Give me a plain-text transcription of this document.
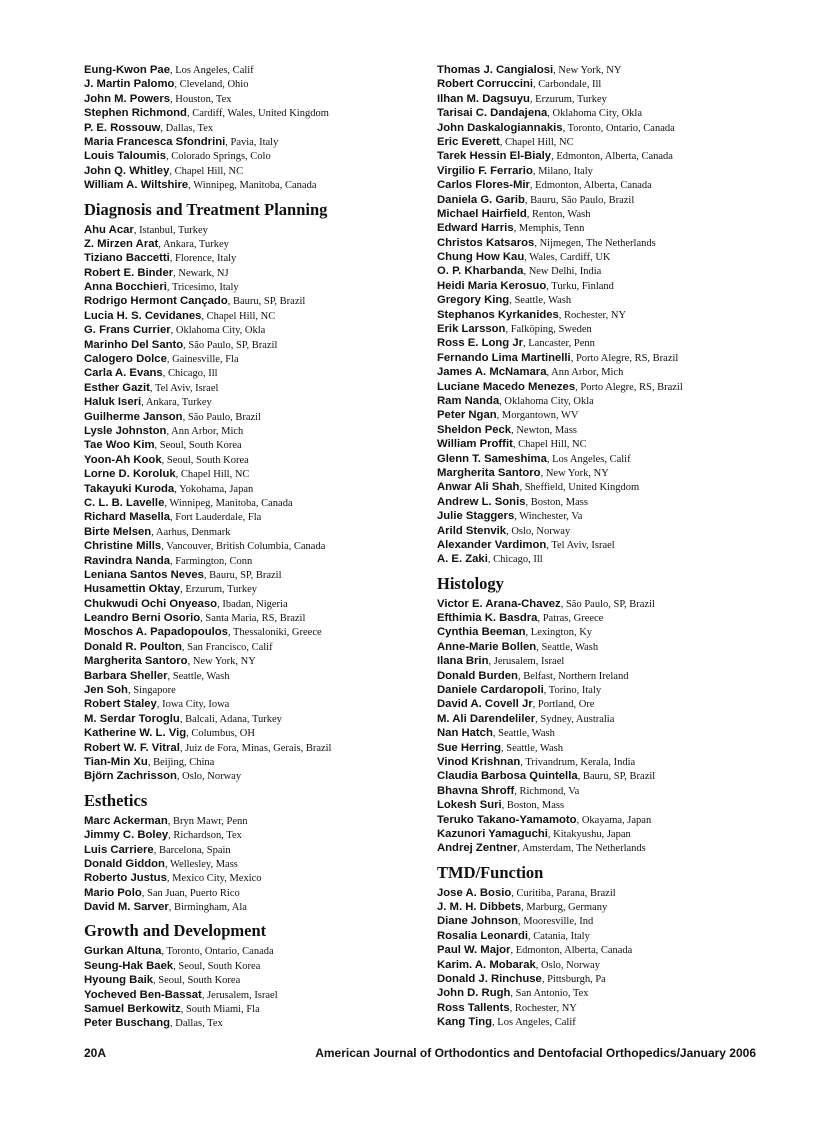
Eung-Kwon Pae, Los Angeles, Calif
J. Martin Palomo, Cleveland, Ohio
John M. Powers, Houston, Tex
Stephen Richmond, Cardiff, Wales, United Kingdom
P. E. Rossouw, Dallas, Tex
Maria Francesca Sfondrini, Pavia, Italy
Louis Taloumis, Colorado Springs, Colo
John Q. Whitley, Chapel Hill, NC
William A. Wiltshire, Winnipeg, Manitoba, Canada
Diagnosis and Treatment Planning
Ahu Acar, Istanbul, Turkey
Z. Mirzen Arat, Ankara, Turkey
Tiziano Baccetti, Florence, Italy
Robert E. Binder, Newark, NJ
Anna Bocchieri, Tricesimo, Italy
Rodrigo Hermont Cançado, Bauru, SP, Brazil
Lucia H. S. Cevidanes, Chapel Hill, NC
G. Frans Currier, Oklahoma City, Okla
Marinho Del Santo, São Paulo, SP, Brazil
Calogero Dolce, Gainesville, Fla
Carla A. Evans, Chicago, Ill
Esther Gazit, Tel Aviv, Israel
Haluk Iseri, Ankara, Turkey
Guilherme Janson, São Paulo, Brazil
Lysle Johnston, Ann Arbor, Mich
Tae Woo Kim, Seoul, South Korea
Yoon-Ah Kook, Seoul, South Korea
Lorne D. Koroluk, Chapel Hill, NC
Takayuki Kuroda, Yokohama, Japan
C. L. B. Lavelle, Winnipeg, Manitoba, Canada
Richard Masella, Fort Lauderdale, Fla
Birte Melsen, Aarhus, Denmark
Christine Mills, Vancouver, British Columbia, Canada
Ravindra Nanda, Farmington, Conn
Leniana Santos Neves, Bauru, SP, Brazil
Husamettin Oktay, Erzurum, Turkey
Chukwudi Ochi Onyeaso, Ibadan, Nigeria
Leandro Berni Osorio, Santa Maria, RS, Brazil
Moschos A. Papadopoulos, Thessaloniki, Greece
Donald R. Poulton, San Francisco, Calif
Margherita Santoro, New York, NY
Barbara Sheller, Seattle, Wash
Jen Soh, Singapore
Robert Staley, Iowa City, Iowa
M. Serdar Toroglu, Balcali, Adana, Turkey
Katherine W. L. Vig, Columbus, OH
Robert W. F. Vitral, Juiz de Fora, Minas, Gerais, Brazil
Tian-Min Xu, Beijing, China
Björn Zachrisson, Oslo, Norway
Esthetics
Marc Ackerman, Bryn Mawr, Penn
Jimmy C. Boley, Richardson, Tex
Luis Carriere, Barcelona, Spain
Donald Giddon, Wellesley, Mass
Roberto Justus, Mexico City, Mexico
Mario Polo, San Juan, Puerto Rico
David M. Sarver, Birmingham, Ala
Growth and Development
Gurkan Altuna, Toronto, Ontario, Canada
Seung-Hak Baek, Seoul, South Korea
Hyoung Baik, Seoul, South Korea
Yocheved Ben-Bassat, Jerusalem, Israel
Samuel Berkowitz, South Miami, Fla
Peter Buschang, Dallas, Tex
Thomas J. Cangialosi, New York, NY
Robert Corruccini, Carbondale, Ill
Ilhan M. Dagsuyu, Erzurum, Turkey
Tarisai C. Dandajena, Oklahoma City, Okla
John Daskalogiannakis, Toronto, Ontario, Canada
Eric Everett, Chapel Hill, NC
Tarek Hessin El-Bialy, Edmonton, Alberta, Canada
Virgilio F. Ferrario, Milano, Italy
Carlos Flores-Mir, Edmonton, Alberta, Canada
Daniela G. Garib, Bauru, São Paulo, Brazil
Michael Hairfield, Renton, Wash
Edward Harris, Memphis, Tenn
Christos Katsaros, Nijmegen, The Netherlands
Chung How Kau, Wales, Cardiff, UK
O. P. Kharbanda, New Delhi, India
Heidi Maria Kerosuo, Turku, Finland
Gregory King, Seattle, Wash
Stephanos Kyrkanides, Rochester, NY
Erik Larsson, Falköping, Sweden
Ross E. Long Jr, Lancaster, Penn
Fernando Lima Martinelli, Porto Alegre, RS, Brazil
James A. McNamara, Ann Arbor, Mich
Luciane Macedo Menezes, Porto Alegre, RS, Brazil
Ram Nanda, Oklahoma City, Okla
Peter Ngan, Morgantown, WV
Sheldon Peck, Newton, Mass
William Proffit, Chapel Hill, NC
Glenn T. Sameshima, Los Angeles, Calif
Margherita Santoro, New York, NY
Anwar Ali Shah, Sheffield, United Kingdom
Andrew L. Sonis, Boston, Mass
Julie Staggers, Winchester, Va
Arild Stenvik, Oslo, Norway
Alexander Vardimon, Tel Aviv, Israel
A. E. Zaki, Chicago, Ill
Histology
Victor E. Arana-Chavez, São Paulo, SP, Brazil
Efthimia K. Basdra, Patras, Greece
Cynthia Beeman, Lexington, Ky
Anne-Marie Bollen, Seattle, Wash
Ilana Brin, Jerusalem, Israel
Donald Burden, Belfast, Northern Ireland
Daniele Cardaropoli, Torino, Italy
David A. Covell Jr, Portland, Ore
M. Ali Darendeliler, Sydney, Australia
Nan Hatch, Seattle, Wash
Sue Herring, Seattle, Wash
Vinod Krishnan, Trivandrum, Kerala, India
Claudia Barbosa Quintella, Bauru, SP, Brazil
Bhavna Shroff, Richmond, Va
Lokesh Suri, Boston, Mass
Teruko Takano-Yamamoto, Okayama, Japan
Kazunori Yamaguchi, Kitakyushu, Japan
Andrej Zentner, Amsterdam, The Netherlands
TMD/Function
Jose A. Bosio, Curitiba, Parana, Brazil
J. M. H. Dibbets, Marburg, Germany
Diane Johnson, Mooresville, Ind
Rosalia Leonardi, Catania, Italy
Paul W. Major, Edmonton, Alberta, Canada
Karim. A. Mobarak, Oslo, Norway
Donald J. Rinchuse, Pittsburgh, Pa
John D. Rugh, San Antonio, Tex
Ross Tallents, Rochester, NY
Kang Ting, Los Angeles, Calif
20A	American Journal of Orthodontics and Dentofacial Orthopedics/January 2006
